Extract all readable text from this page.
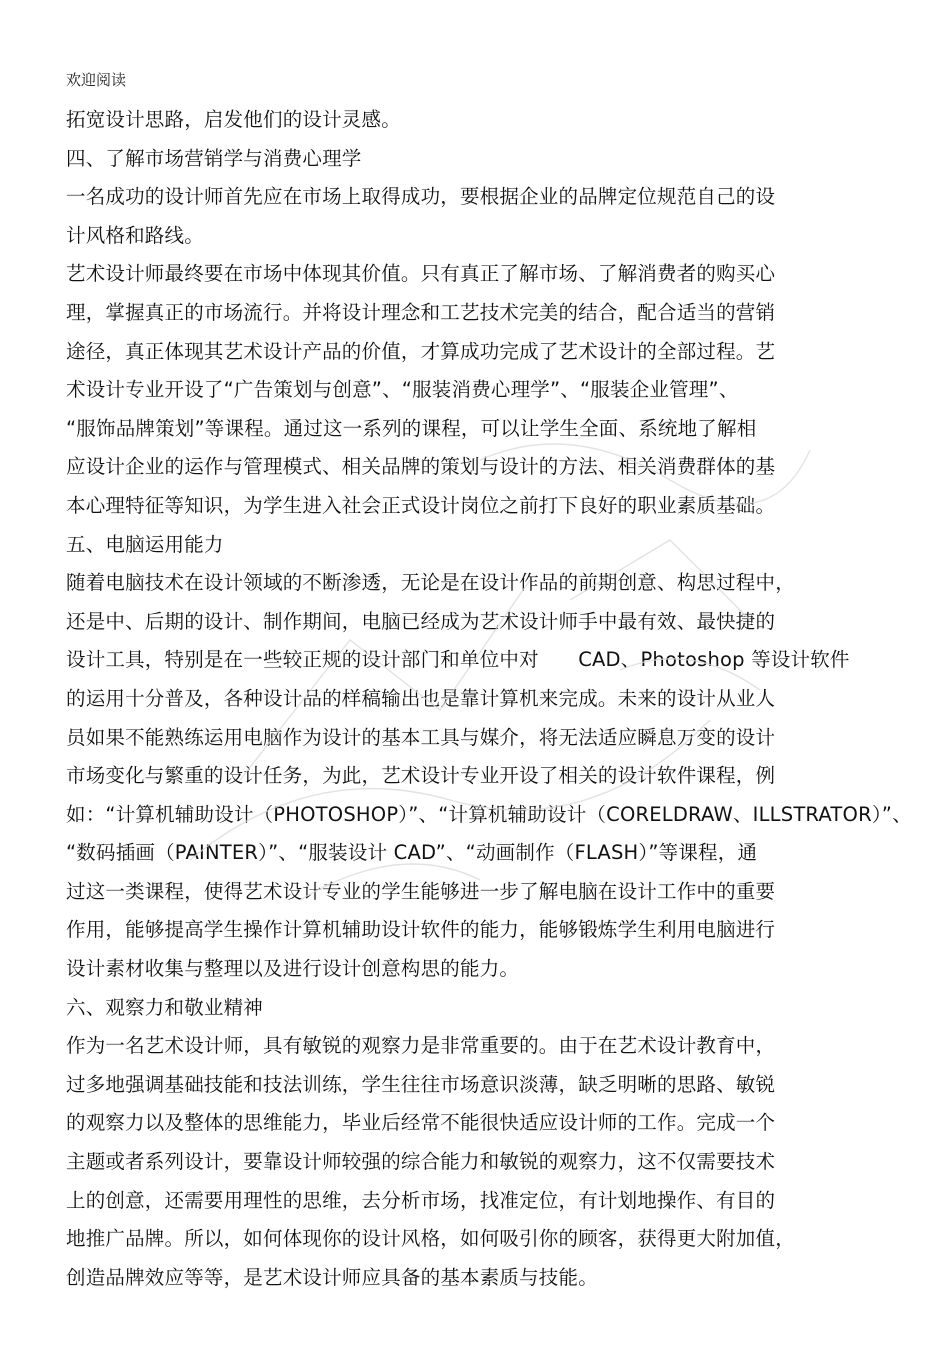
欢迎阅读
拓宽设计思路，启发他们的设计灵感。
四、了解市场营销学与消费心理学
一名成功的设计师首先应在市场上取得成功，要根据企业的品牌定位规范自己的设
计风格和路线。
艺术设计师最终要在市场中体现其价值。只有真正了解市场、了解消费者的购买心
理，掌握真正的市场流行。并将设计理念和工艺技术完美的结合，配合适当的营销
途径，真正体现其艺术设计产品的价值，才算成功完成了艺术设计的全部过程。艺
术设计专业开设了“广告策划与创意”、“服装消费心理学”、“服装企业管理”、
“服饰品牌策划”等课程。通过这一系列的课程，可以让学生全面、系统地了解相
应设计企业的运作与管理模式、相关品牌的策划与设计的方法、相关消费群体的基
本心理特征等知识，为学生进入社会正式设计岗位之前打下良好的职业素质基础。
五、电脑运用能力
随着电脑技术在设计领域的不断渗透，无论是在设计作品的前期创意、构思过程中，
还是中、后期的设计、制作期间，电脑已经成为艺术设计师手中最有效、最快捷的
设计工具，特别是在一些较正规的设计部门和单位中对　　CAD、Photoshop 等设计软件
的运用十分普及，各种设计品的样稿输出也是靠计算机来完成。未来的设计从业人
员如果不能熟练运用电脑作为设计的基本工具与媒介，将无法适应瞬息万变的设计
市场变化与繁重的设计任务，为此，艺术设计专业开设了相关的设计软件课程，例
如：“计算机辅助设计（PHOTOSHOP）”、“计算机辅助设计（CORELDRAW、ILLSTRATOR）”、
“数码插画（PAINTER）”、“服装设计 CAD”、“动画制作（FLASH）”等课程，通
过这一类课程，使得艺术设计专业的学生能够进一步了解电脑在设计工作中的重要
作用，能够提高学生操作计算机辅助设计软件的能力，能够锻炼学生利用电脑进行
设计素材收集与整理以及进行设计创意构思的能力。
六、观察力和敬业精神
作为一名艺术设计师，具有敏锐的观察力是非常重要的。由于在艺术设计教育中，
过多地强调基础技能和技法训练，学生往往市场意识淡薄，缺乏明晰的思路、敏锐
的观察力以及整体的思维能力，毕业后经常不能很快适应设计师的工作。完成一个
主题或者系列设计，要靠设计师较强的综合能力和敏锐的观察力，这不仅需要技术
上的创意，还需要用理性的思维，去分析市场，找准定位，有计划地操作、有目的
地推广品牌。所以，如何体现你的设计风格，如何吸引你的顾客，获得更大附加值，
创造品牌效应等等，是艺术设计师应具备的基本素质与技能。
